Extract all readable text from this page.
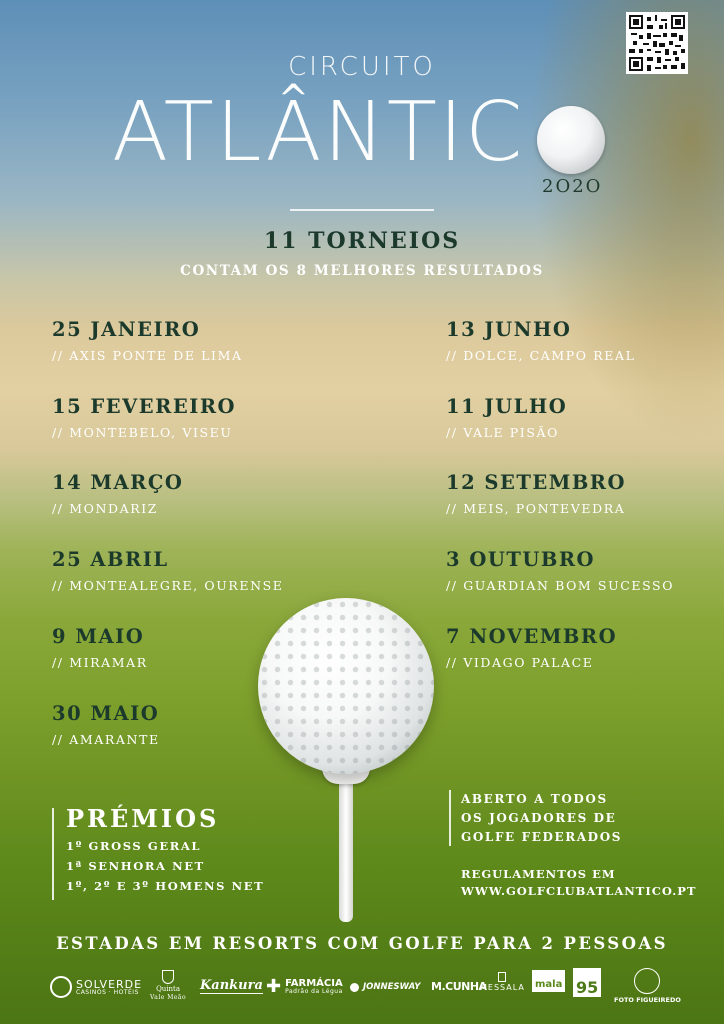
CIRCUITO
ATLÂNTIC
2O2O
11 TORNEIOS
CONTAM OS 8 MELHORES RESULTADOS
25 JANEIRO
// AXIS PONTE DE LIMA
15 FEVEREIRO
// MONTEBELO, VISEU
14 MARÇO
// MONDARIZ
25 ABRIL
// MONTEALEGRE, OURENSE
9 MAIO
// MIRAMAR
30 MAIO
// AMARANTE
13 JUNHO
// DOLCE, CAMPO REAL
11 JULHO
// VALE PISÃO
12 SETEMBRO
// MEIS, PONTEVEDRA
3 OUTUBRO
// GUARDIAN BOM SUCESSO
7 NOVEMBRO
// VIDAGO PALACE
PRÉMIOS
1º GROSS GERAL
1ª SENHORA NET
1º, 2º E 3º HOMENS NET
ABERTO A TODOS
OS JOGADORES DE
GOLFE FEDERADOS
REGULAMENTOS EM
WWW.GOLFCLUBATLANTICO.PT
ESTADAS EM RESORTS COM GOLFE PARA 2 PESSOAS
SOLVERDE
CASINOS · HOTÉIS	Quinta
Vale Meão
Kankura ✚ FARMÁCIA
Padrão da Légua JONNESWAY M.CUNHA
MESSALA	mala 95
FOTO FIGUEIREDO
